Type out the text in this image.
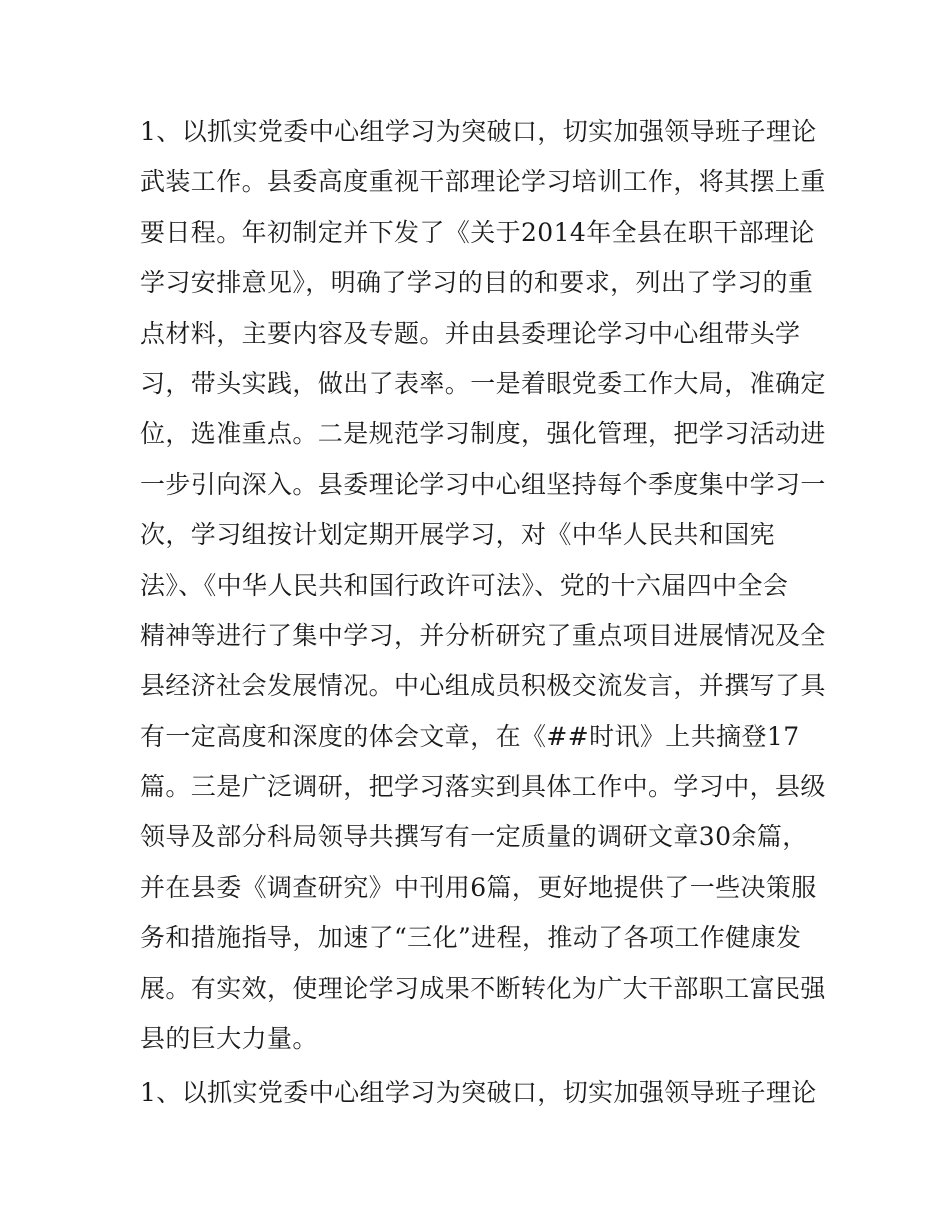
1、以抓实党委中心组学习为突破口，切实加强领导班子理论
武装工作。县委高度重视干部理论学习培训工作，将其摆上重
要日程。年初制定并下发了《关于2014年全县在职干部理论
学习安排意见》，明确了学习的目的和要求，列出了学习的重
点材料，主要内容及专题。并由县委理论学习中心组带头学
习，带头实践，做出了表率。一是着眼党委工作大局，准确定
位，选准重点。二是规范学习制度，强化管理，把学习活动进
一步引向深入。县委理论学习中心组坚持每个季度集中学习一
次，学习组按计划定期开展学习，对《中华人民共和国宪
法》、《中华人民共和国行政许可法》、党的十六届四中全会
精神等进行了集中学习，并分析研究了重点项目进展情况及全
县经济社会发展情况。中心组成员积极交流发言，并撰写了具
有一定高度和深度的体会文章，在《##时讯》上共摘登17
篇。三是广泛调研，把学习落实到具体工作中。学习中，县级
领导及部分科局领导共撰写有一定质量的调研文章30余篇，
并在县委《调查研究》中刊用6篇，更好地提供了一些决策服
务和措施指导，加速了“三化”进程，推动了各项工作健康发
展。有实效，使理论学习成果不断转化为广大干部职工富民强
县的巨大力量。
1、以抓实党委中心组学习为突破口，切实加强领导班子理论
